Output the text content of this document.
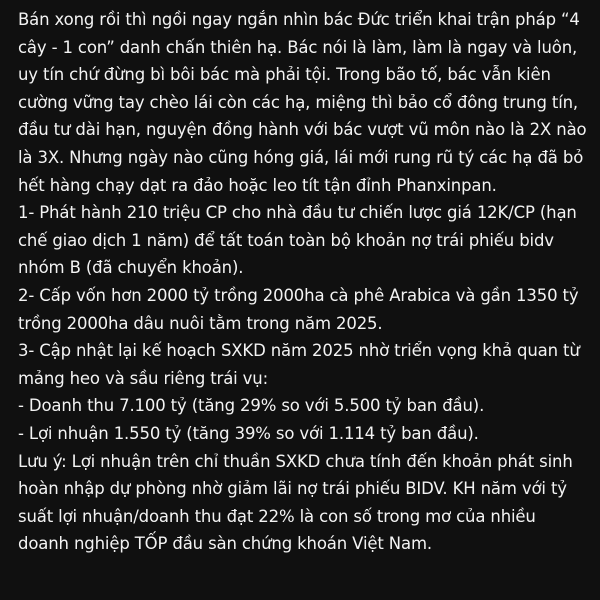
Bán xong rồi thì ngồi ngay ngắn nhìn bác Đức triển khai trận pháp “4 cây - 1 con” danh chấn thiên hạ. Bác nói là làm, làm là ngay và luôn, uy tín chứ đừng bì bôi bác mà phải tội. Trong bão tố, bác vẫn kiên cường vững tay chèo lái còn các hạ, miệng thì bảo cổ đông trung tín, đầu tư dài hạn, nguyện đồng hành với bác vượt vũ môn nào là 2X nào là 3X. Nhưng ngày nào cũng hóng giá, lái mới rung rũ tý các hạ đã bỏ hết hàng chạy dạt ra đảo hoặc leo tít tận đỉnh Phanxinpan.

1- Phát hành 210 triệu CP cho nhà đầu tư chiến lược giá 12K/CP (hạn chế giao dịch 1 năm) để tất toán toàn bộ khoản nợ trái phiếu bidv nhóm B (đã chuyển khoản).

2- Cấp vốn hơn 2000 tỷ trồng 2000ha cà phê Arabica và gần 1350 tỷ trồng 2000ha dâu nuôi tằm trong năm 2025.

3- Cập nhật lại kế hoạch SXKD năm 2025 nhờ triển vọng khả quan từ mảng heo và sầu riêng trái vụ:

- Doanh thu 7.100 tỷ (tăng 29% so với 5.500 tỷ ban đầu).

- Lợi nhuận 1.550 tỷ (tăng 39% so với 1.114 tỷ ban đầu).

Lưu ý: Lợi nhuận trên chỉ thuần SXKD chưa tính đến khoản phát sinh hoàn nhập dự phòng nhờ giảm lãi nợ trái phiếu BIDV. KH năm với tỷ suất lợi nhuận/doanh thu đạt 22% là con số trong mơ của nhiều doanh nghiệp TỐP đầu sàn chứng khoán Việt Nam.
